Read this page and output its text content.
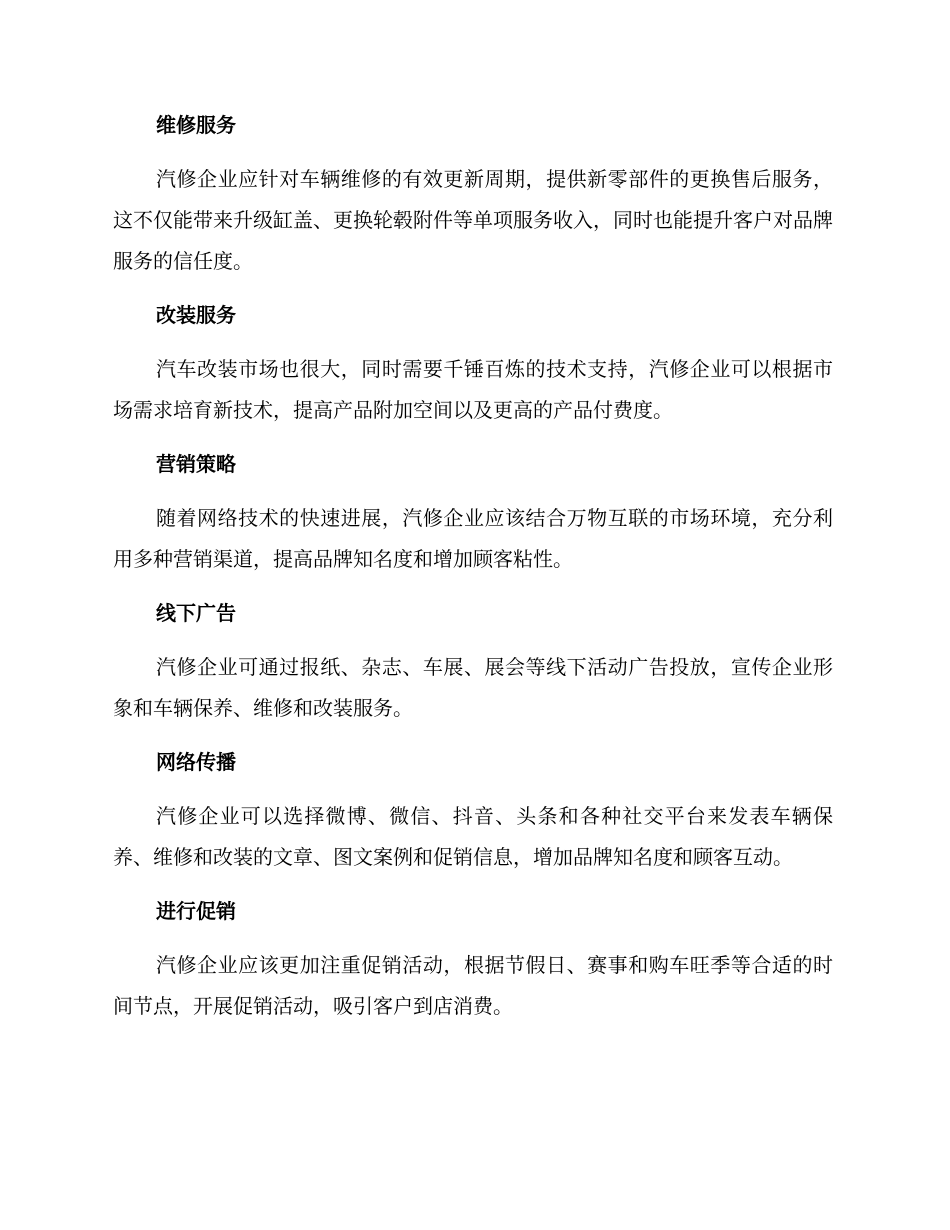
维修服务

汽修企业应针对车辆维修的有效更新周期，提供新零部件的更换售后服务，这不仅能带来升级缸盖、更换轮毂附件等单项服务收入，同时也能提升客户对品牌服务的信任度。

改装服务

汽车改装市场也很大，同时需要千锤百炼的技术支持，汽修企业可以根据市场需求培育新技术，提高产品附加空间以及更高的产品付费度。

营销策略

随着网络技术的快速进展，汽修企业应该结合万物互联的市场环境，充分利用多种营销渠道，提高品牌知名度和增加顾客粘性。

线下广告

汽修企业可通过报纸、杂志、车展、展会等线下活动广告投放，宣传企业形象和车辆保养、维修和改装服务。

网络传播

汽修企业可以选择微博、微信、抖音、头条和各种社交平台来发表车辆保养、维修和改装的文章、图文案例和促销信息，增加品牌知名度和顾客互动。

进行促销

汽修企业应该更加注重促销活动，根据节假日、赛事和购车旺季等合适的时间节点，开展促销活动，吸引客户到店消费。
